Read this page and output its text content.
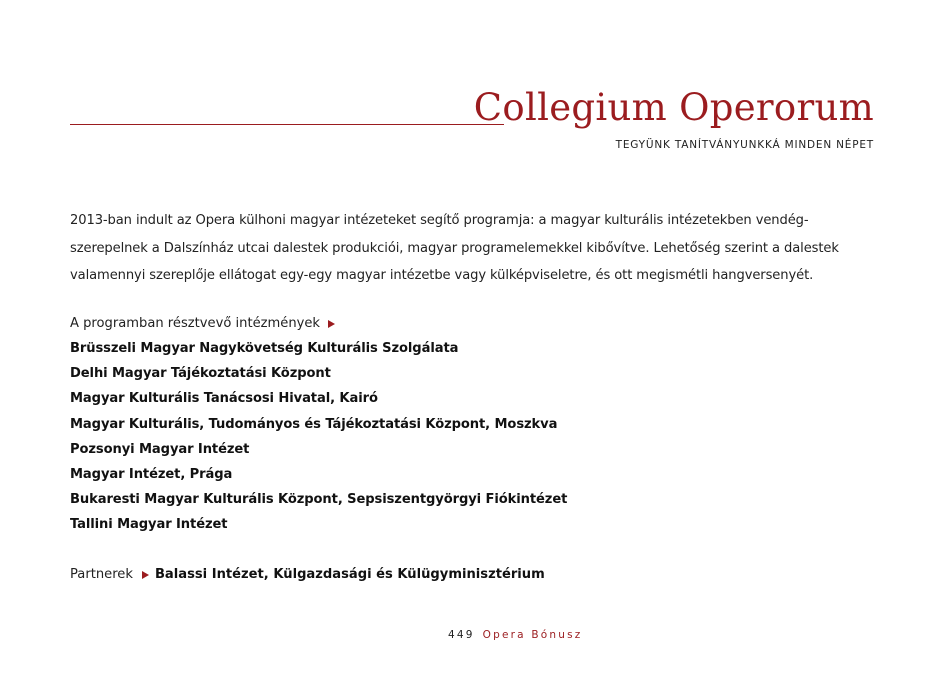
Collegium Operorum
TEGYÜNK TANÍTVÁNYUNKKÁ MINDEN NÉPET
2013-ban indult az Opera külhoni magyar intézeteket segítő programja: a magyar kulturális intézetekben vendég-
szerepelnek a Dalszínház utcai dalestek produkciói, magyar programelemekkel kibővítve. Lehetőség szerint a dalestek
valamennyi szereplője ellátogat egy-egy magyar intézetbe vagy külképviseletre, és ott megismétli hangversenyét.
A programban résztvevő intézmények
Brüsszeli Magyar Nagykövetség Kulturális Szolgálata
Delhi Magyar Tájékoztatási Központ
Magyar Kulturális Tanácsosi Hivatal, Kairó
Magyar Kulturális, Tudományos és Tájékoztatási Központ, Moszkva
Pozsonyi Magyar Intézet
Magyar Intézet, Prága
Bukaresti Magyar Kulturális Központ, Sepsiszentgyörgyi Fiókintézet
Tallini Magyar Intézet
Partnerek Balassi Intézet, Külgazdasági és Külügyminisztérium
449 Opera Bónusz
